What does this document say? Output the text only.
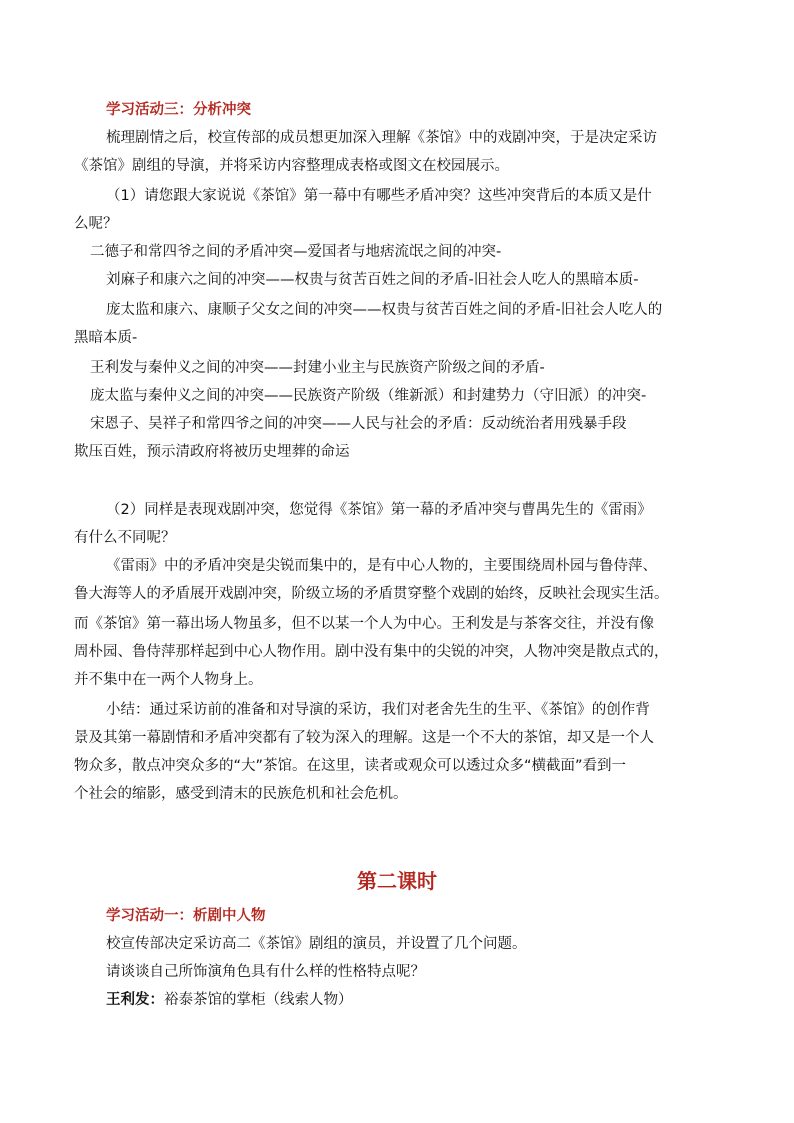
学习活动三：分析冲突

梳理剧情之后，校宣传部的成员想更加深入理解《茶馆》中的戏剧冲突，于是决定采访

《茶馆》剧组的导演，并将采访内容整理成表格或图文在校园展示。

（1）请您跟大家说说《茶馆》第一幕中有哪些矛盾冲突？这些冲突背后的本质又是什

么呢？

二德子和常四爷之间的矛盾冲突—爱国者与地痞流氓之间的冲突-

刘麻子和康六之间的冲突——权贵与贫苦百姓之间的矛盾-旧社会人吃人的黑暗本质-

庞太监和康六、康顺子父女之间的冲突——权贵与贫苦百姓之间的矛盾-旧社会人吃人的

黑暗本质-

王利发与秦仲义之间的冲突——封建小业主与民族资产阶级之间的矛盾-

庞太监与秦仲义之间的冲突——民族资产阶级（维新派）和封建势力（守旧派）的冲突-

宋恩子、吴祥子和常四爷之间的冲突——人民与社会的矛盾：反动统治者用残暴手段

欺压百姓，预示清政府将被历史埋葬的命运

（2）同样是表现戏剧冲突，您觉得《茶馆》第一幕的矛盾冲突与曹禺先生的《雷雨》

有什么不同呢？

《雷雨》中的矛盾冲突是尖锐而集中的，是有中心人物的，主要围绕周朴园与鲁侍萍、

鲁大海等人的矛盾展开戏剧冲突，阶级立场的矛盾贯穿整个戏剧的始终，反映社会现实生活。

而《茶馆》第一幕出场人物虽多，但不以某一个人为中心。王利发是与茶客交往，并没有像

周朴园、鲁侍萍那样起到中心人物作用。剧中没有集中的尖锐的冲突，人物冲突是散点式的，

并不集中在一两个人物身上。

小结：通过采访前的准备和对导演的采访，我们对老舍先生的生平、《茶馆》的创作背

景及其第一幕剧情和矛盾冲突都有了较为深入的理解。这是一个不大的茶馆，却又是一个人

物众多，散点冲突众多的“大”茶馆。在这里，读者或观众可以透过众多“横截面”看到一

个社会的缩影，感受到清末的民族危机和社会危机。

第二课时

学习活动一：析剧中人物

校宣传部决定采访高二《茶馆》剧组的演员，并设置了几个问题。

请谈谈自己所饰演角色具有什么样的性格特点呢？

王利发：裕泰茶馆的掌柜（线索人物）
